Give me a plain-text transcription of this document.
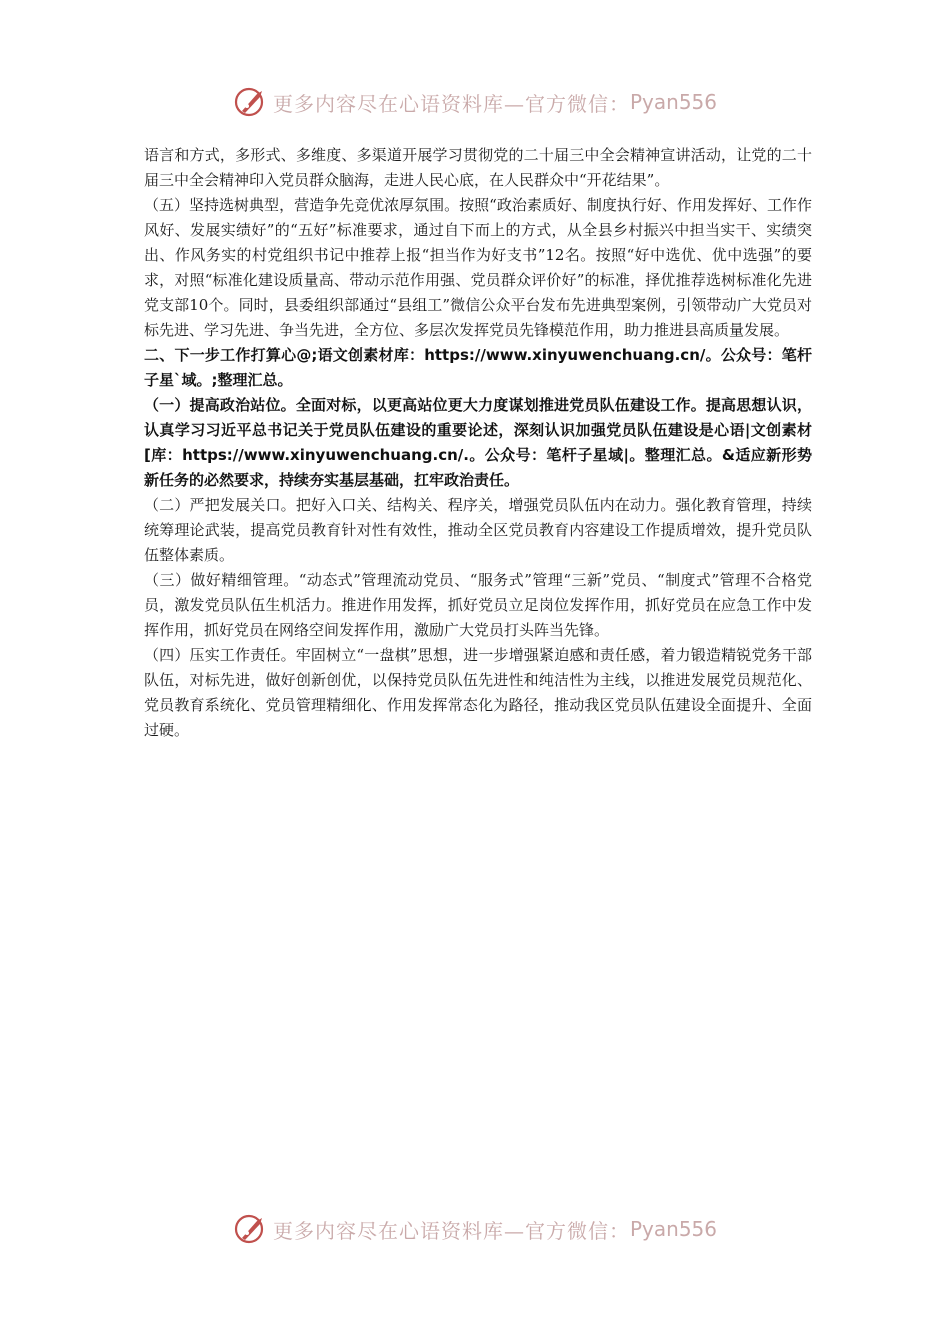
更多内容尽在心语资料库—官方微信： Pyan556

语言和方式，多形式、多维度、多渠道开展学习贯彻党的二十届三中全会精神宣讲活动，让党的二十届三中全会精神印入党员群众脑海，走进人民心底，在人民群众中“开花结果”。

（五）坚持选树典型，营造争先竞优浓厚氛围。按照“政治素质好、制度执行好、作用发挥好、工作作风好、发展实绩好”的“五好”标准要求，通过自下而上的方式，从全县乡村振兴中担当实干、实绩突出、作风务实的村党组织书记中推荐上报“担当作为好支书”12名。按照“好中选优、优中选强”的要求，对照“标准化建设质量高、带动示范作用强、党员群众评价好”的标准，择优推荐选树标准化先进党支部10个。同时，县委组织部通过“县组工”微信公众平台发布先进典型案例，引领带动广大党员对标先进、学习先进、争当先进，全方位、多层次发挥党员先锋模范作用，助力推进县高质量发展。

二、下一步工作打算心@;语文创素材库：https://www.xinyuwenchuang.cn/。公众号：笔杆子星`域。;整理汇总。

（一）提高政治站位。全面对标，以更高站位更大力度谋划推进党员队伍建设工作。提高思想认识，认真学习习近平总书记关于党员队伍建设的重要论述，深刻认识加强党员队伍建设是心语|文创素材[库：https://www.xinyuwenchuang.cn/.。公众号：笔杆子星域|。整理汇总。&适应新形势新任务的必然要求，持续夯实基层基础，扛牢政治责任。

（二）严把发展关口。把好入口关、结构关、程序关，增强党员队伍内在动力。强化教育管理，持续统筹理论武装，提高党员教育针对性有效性，推动全区党员教育内容建设工作提质增效，提升党员队伍整体素质。

（三）做好精细管理。“动态式”管理流动党员、“服务式”管理“三新”党员、“制度式”管理不合格党员，激发党员队伍生机活力。推进作用发挥，抓好党员立足岗位发挥作用，抓好党员在应急工作中发挥作用，抓好党员在网络空间发挥作用，激励广大党员打头阵当先锋。

（四）压实工作责任。牢固树立“一盘棋”思想，进一步增强紧迫感和责任感，着力锻造精锐党务干部队伍，对标先进，做好创新创优，以保持党员队伍先进性和纯洁性为主线，以推进发展党员规范化、党员教育系统化、党员管理精细化、作用发挥常态化为路径，推动我区党员队伍建设全面提升、全面过硬。

更多内容尽在心语资料库—官方微信： Pyan556
